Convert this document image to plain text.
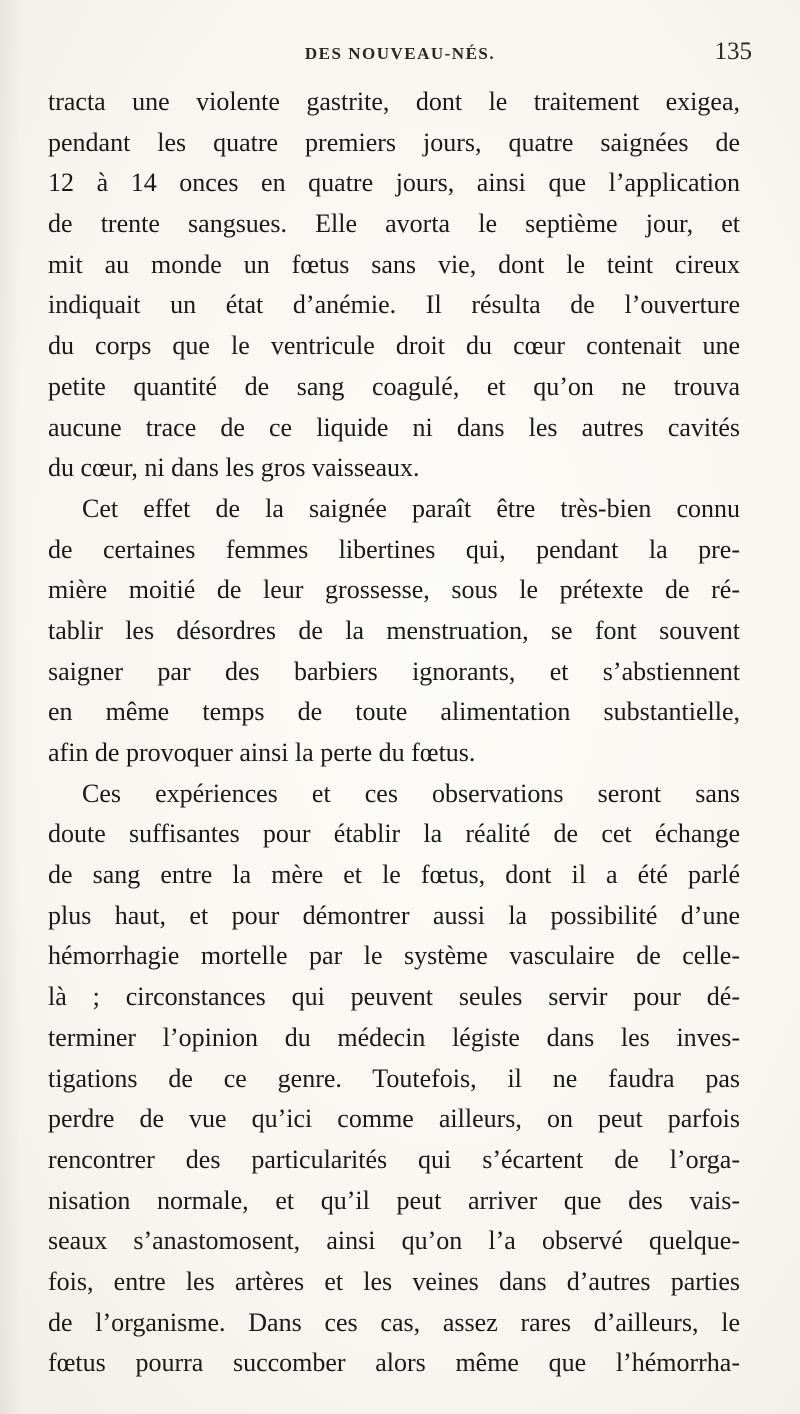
DES NOUVEAU-NÉS.	135
tracta une violente gastrite, dont le traitement exigea,
pendant les quatre premiers jours, quatre saignées de
12 à 14 onces en quatre jours, ainsi que l’application
de trente sangsues. Elle avorta le septième jour, et
mit au monde un fœtus sans vie, dont le teint cireux
indiquait un état d’anémie. Il résulta de l’ouverture
du corps que le ventricule droit du cœur contenait une
petite quantité de sang coagulé, et qu’on ne trouva
aucune trace de ce liquide ni dans les autres cavités
du cœur, ni dans les gros vaisseaux.
Cet effet de la saignée paraît être très-bien connu
de certaines femmes libertines qui, pendant la pre-
mière moitié de leur grossesse, sous le prétexte de ré-
tablir les désordres de la menstruation, se font souvent
saigner par des barbiers ignorants, et s’abstiennent
en même temps de toute alimentation substantielle,
afin de provoquer ainsi la perte du fœtus.
Ces expériences et ces observations seront sans
doute suffisantes pour établir la réalité de cet échange
de sang entre la mère et le fœtus, dont il a été parlé
plus haut, et pour démontrer aussi la possibilité d’une
hémorrhagie mortelle par le système vasculaire de celle-
là ; circonstances qui peuvent seules servir pour dé-
terminer l’opinion du médecin légiste dans les inves-
tigations de ce genre. Toutefois, il ne faudra pas
perdre de vue qu’ici comme ailleurs, on peut parfois
rencontrer des particularités qui s’écartent de l’orga-
nisation normale, et qu’il peut arriver que des vais-
seaux s’anastomosent, ainsi qu’on l’a observé quelque-
fois, entre les artères et les veines dans d’autres parties
de l’organisme. Dans ces cas, assez rares d’ailleurs, le
fœtus pourra succomber alors même que l’hémorrha-
